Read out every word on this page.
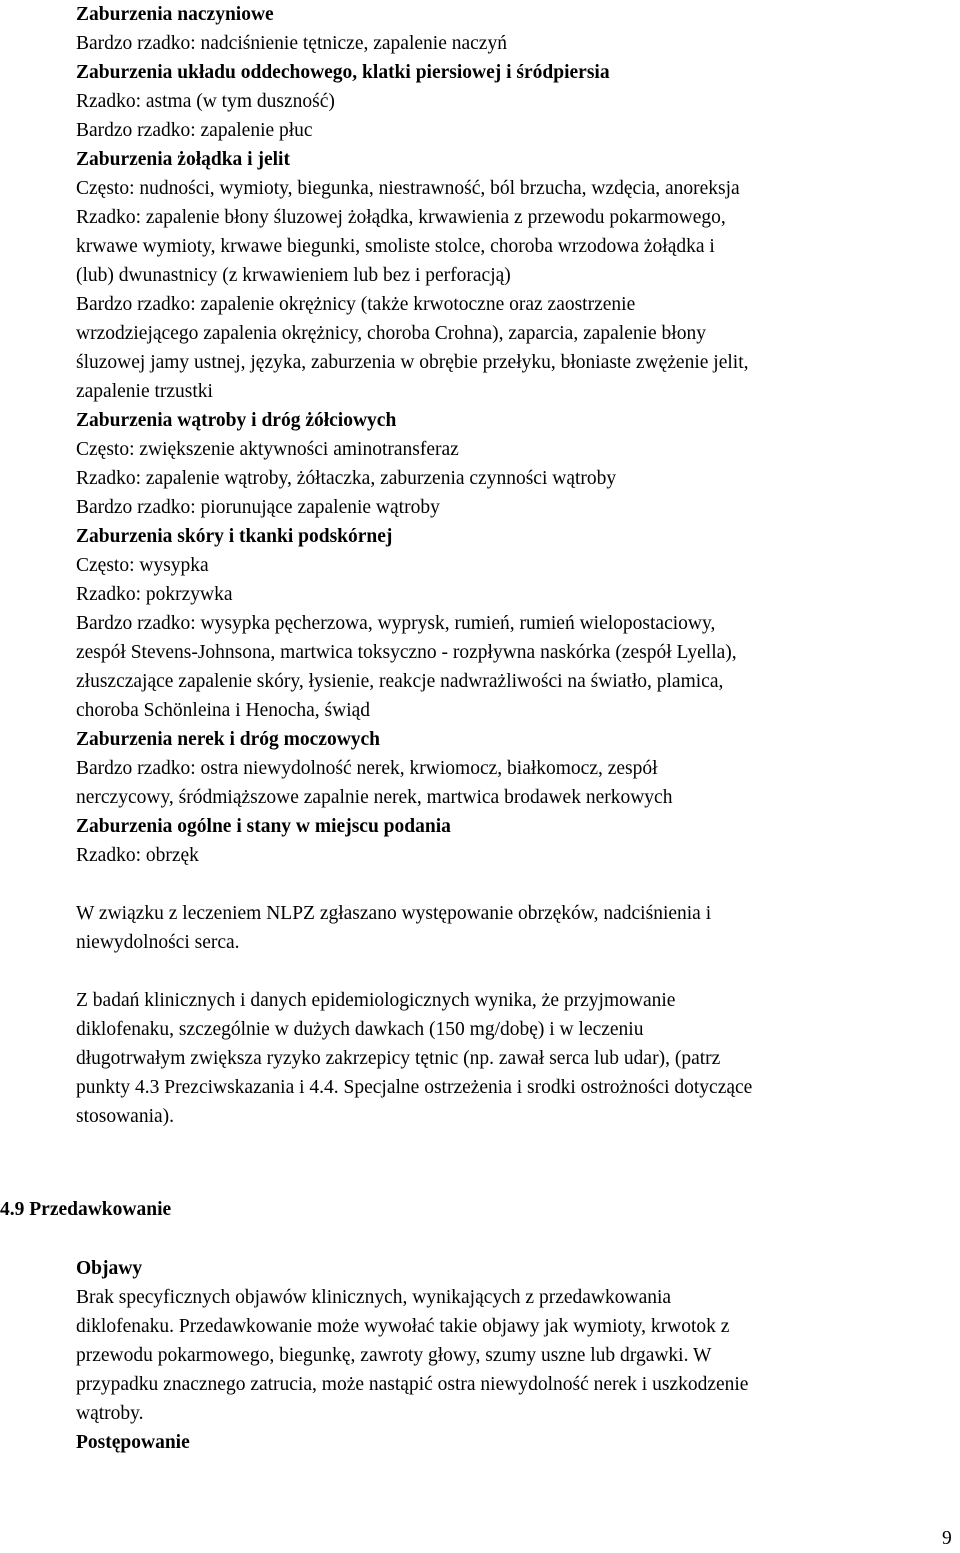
Zaburzenia naczyniowe

Bardzo rzadko: nadciśnienie tętnicze, zapalenie naczyń

Zaburzenia układu oddechowego, klatki piersiowej i śródpiersia

Rzadko: astma (w tym duszność)

Bardzo rzadko: zapalenie płuc

Zaburzenia żołądka i jelit

Często: nudności, wymioty, biegunka, niestrawność, ból brzucha, wzdęcia, anoreksja

Rzadko: zapalenie błony śluzowej żołądka, krwawienia z przewodu pokarmowego,

krwawe wymioty, krwawe biegunki, smoliste stolce, choroba wrzodowa żołądka i

(lub) dwunastnicy (z krwawieniem lub bez i perforacją)

Bardzo rzadko: zapalenie okrężnicy (także krwotoczne oraz zaostrzenie

wrzodziejącego zapalenia okrężnicy, choroba Crohna), zaparcia, zapalenie błony

śluzowej jamy ustnej, języka, zaburzenia w obrębie przełyku, błoniaste zwężenie jelit,

zapalenie trzustki

Zaburzenia wątroby i dróg żółciowych

Często: zwiększenie aktywności aminotransferaz

Rzadko: zapalenie wątroby, żółtaczka, zaburzenia czynności wątroby

Bardzo rzadko: piorunujące zapalenie wątroby

Zaburzenia skóry i tkanki podskórnej

Często: wysypka

Rzadko: pokrzywka

Bardzo rzadko: wysypka pęcherzowa, wyprysk, rumień, rumień wielopostaciowy,

zespół Stevens-Johnsona, martwica toksyczno - rozpływna naskórka (zespół Lyella),

złuszczające zapalenie skóry, łysienie, reakcje nadwrażliwości na światło, plamica,

choroba Schönleina i Henocha, świąd

Zaburzenia nerek i dróg moczowych

Bardzo rzadko: ostra niewydolność nerek, krwiomocz, białkomocz, zespół

nerczycowy, śródmiąższowe zapalnie nerek, martwica brodawek nerkowych

Zaburzenia ogólne i stany w miejscu podania

Rzadko: obrzęk

W związku z leczeniem NLPZ zgłaszano występowanie obrzęków, nadciśnienia i

niewydolności serca.

Z badań klinicznych i danych epidemiologicznych wynika, że przyjmowanie

diklofenaku, szczególnie w dużych dawkach (150 mg/dobę) i w leczeniu

długotrwałym zwiększa ryzyko zakrzepicy tętnic (np. zawał serca lub udar), (patrz

punkty 4.3 Prezciwskazania i 4.4. Specjalne ostrzeżenia i srodki ostrożności dotyczące

stosowania).

4.9 Przedawkowanie

Objawy

Brak specyficznych objawów klinicznych, wynikających z przedawkowania

diklofenaku. Przedawkowanie może wywołać takie objawy jak wymioty, krwotok z

przewodu pokarmowego, biegunkę, zawroty głowy, szumy uszne lub drgawki. W

przypadku znacznego zatrucia, może nastąpić ostra niewydolność nerek i uszkodzenie

wątroby.

Postępowanie

9
